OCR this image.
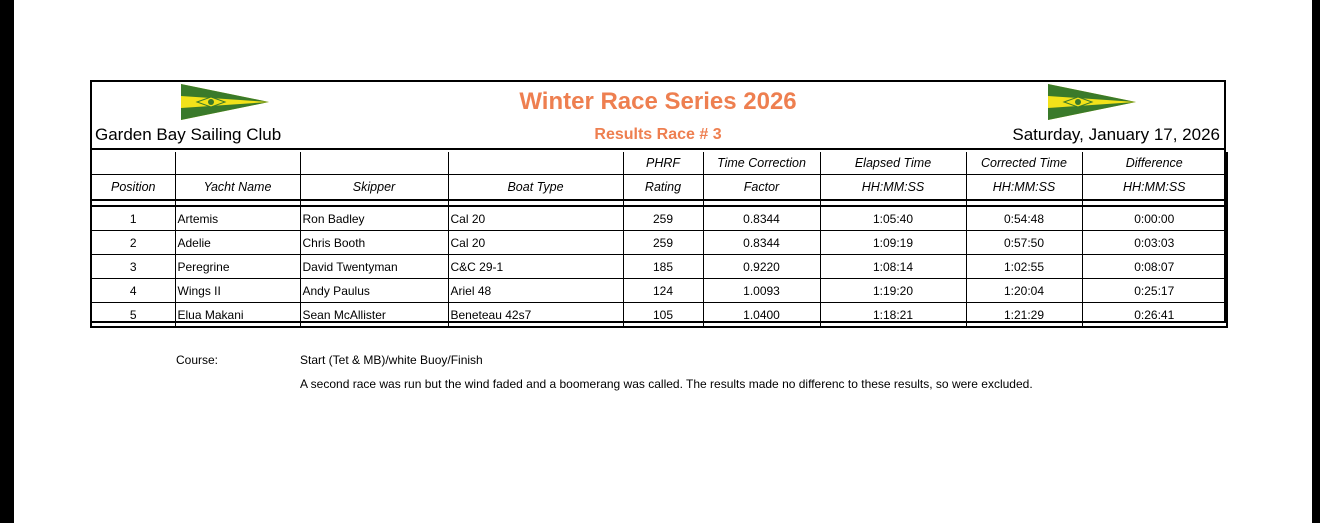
Winter Race Series 2026
Results Race # 3
Garden Bay Sailing Club	Saturday, January 17, 2026
				PHRF	Time Correction	Elapsed Time	Corrected Time	Difference
Position	Yacht Name	Skipper	Boat Type	Rating	Factor	HH:MM:SS	HH:MM:SS	HH:MM:SS

1	Artemis	Ron Badley	Cal 20	259	0.8344	1:05:40	0:54:48	0:00:00
2	Adelie	Chris Booth	Cal 20	259	0.8344	1:09:19	0:57:50	0:03:03
3	Peregrine	David Twentyman	C&C 29-1	185	0.9220	1:08:14	1:02:55	0:08:07
4	Wings II	Andy Paulus	Ariel 48	124	1.0093	1:19:20	1:20:04	0:25:17
5	Elua Makani	Sean McAllister	Beneteau 42s7	105	1.0400	1:18:21	1:21:29	0:26:41
Course:	Start (Tet & MB)/white Buoy/Finish
A second race was run but the wind faded and a boomerang was called. The results made no differenc to these results, so were excluded.
